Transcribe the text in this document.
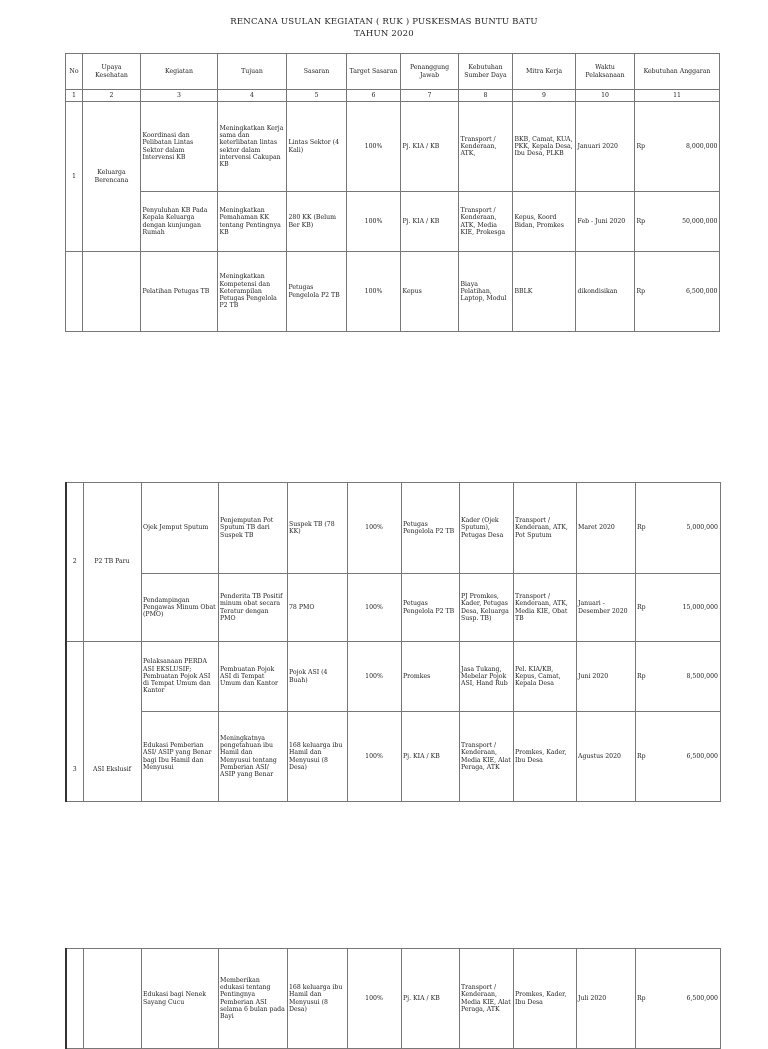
RENCANA USULAN KEGIATAN ( RUK ) PUSKESMAS BUNTU BATU
TAHUN 2020
No	Upaya Kesehatan	Kegiatan	Tujuan	Sasaran	Target Sasaran	Penanggung Jawab	Kebutuhan Sumber Daya	Mitra Kerja	Waktu Pelaksanaan	Kebutuhan Anggaran
1	2	3	4	5	6	7	8	9	10	11
1	Keluarga Berencana	Koordinasi dan Pelibatan Lintas Sektor dalam Intervensi KB	Meningkatkan Kerja sama dan keterlibatan lintas sektor dalam intervensi Cakupan KB	Lintas Sektor (4 Kali)	100%	Pj. KIA / KB	Transport / Kenderaan, ATK,	BKB, Camat, KUA, PKK, Kepala Desa, Ibu Desa, PLKB	Januari 2020	Rp 8,000,000

		Penyuluhan KB Pada Kepala Keluarga dengan kunjungan Rumah	Meningkatkan Pemahaman KK tentang Pentingnya KB	280 KK (Belum Ber KB)	100%	Pj. KIA / KB	Transport / Kenderaan, ATK, Media KIE, Prokesga	Kepus, Koord Bidan, Promkes	Feb - Juni 2020	Rp 50,000,000

		Pelatihan Petugas TB	Meningkatkan Kompetensi dan Keterampilan Petugas Pengelola P2 TB	Petugas Pengelola P2 TB	100%	Kepus	Biaya Pelatihan, Laptop, Modul	BBLK	dikondisikan	Rp 6,500,000
2	P2 TB Paru	Ojek Jemput Sputum	Penjemputan Pot Sputum TB dari Suspek TB	Suspek TB (78 KK)	100%	Petugas Pengelola P2 TB	Kader (Ojek Sputum), Petugas Desa	Transport / Kenderaan, ATK, Pot Sputum	Maret 2020	Rp 5,000,000

		Pendampingan Pengawas Minum Obat (PMO)	Penderita TB Positif minum obat secara Teratur dengan PMO	78 PMO	100%	Petugas Pengelola P2 TB	PJ Promkes, Kader, Petugas Desa, Keluarga Susp. TB)	Transport / Kenderaan, ATK, Media KIE, Obat TB	Januari - Desember 2020	Rp 15,000,000

3	ASI Ekslusif	Pelaksanaan PERDA ASI EKSLUSIF; Pembuatan Pojok ASI di Tempat Umum dan Kantor	Pembuatan Pojok ASI di Tempat Umum dan Kantor	Pojok ASI (4 Buah)	100%	Promkes	Jasa Tukang, Mebelar Pojok ASI, Hand Rub	Pel. KIA/KB, Kepus, Camat, Kepala Desa	Juni 2020	Rp 8,500,000

		Edukasi Pemberian ASI/ ASIP yang Benar bagi Ibu Hamil dan Menyusui	Meningkatnya pengetahuan ibu Hamil dan Menyusui tentang Pemberian ASI/ ASIP yang Benar	168 keluarga ibu Hamil dan Menyusui (8 Desa)	100%	Pj. KIA / KB	Transport / Kenderaan, Media KIE, Alat Peraga, ATK	Promkes, Kader, Ibu Desa	Agustus 2020	Rp 6,500,000
		Edukasi bagi Nenek Sayang Cucu	Memberikan edukasi tentang Pentingnya Pemberian ASI selama 6 bulan pada Bayi	168 keluarga ibu Hamil dan Menyusui (8 Desa)	100%	Pj. KIA / KB	Transport / Kenderaan, Media KIE, Alat Peraga, ATK	Promkes, Kader, Ibu Desa	Juli 2020	Rp	6,500,000
